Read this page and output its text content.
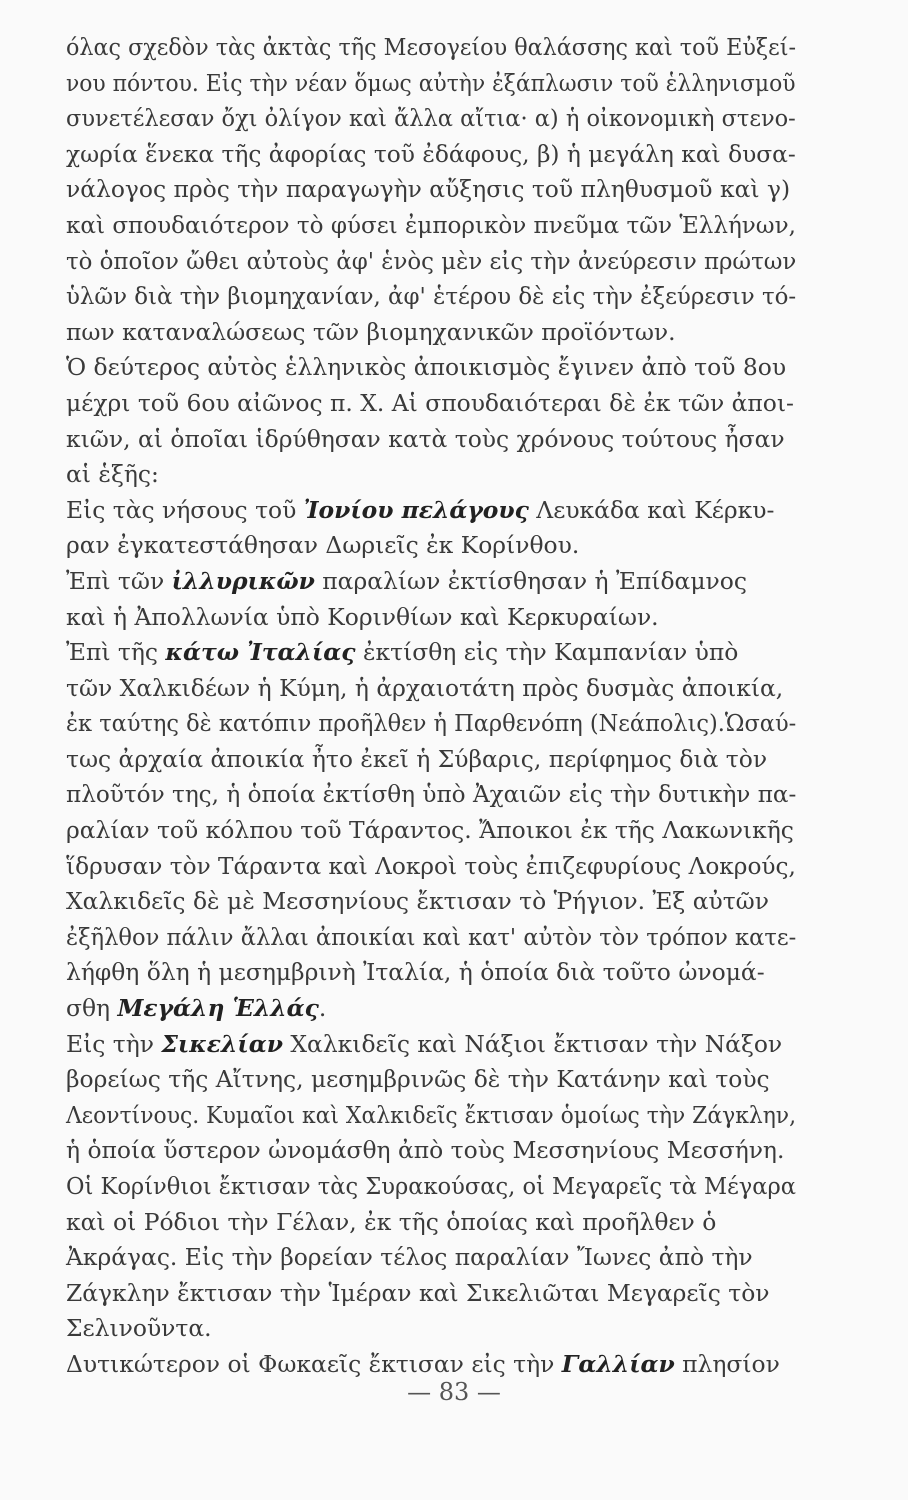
όλας σχεδὸν τὰς ἀκτὰς τῆς Μεσογείου θαλάσσης καὶ τοῦ Εὐξεί-
νου πόντου. Εἰς τὴν νέαν ὅμως αὐτὴν ἐξάπλωσιν τοῦ ἑλληνισμοῦ
συνετέλεσαν ὄχι ὀλίγον καὶ ἄλλα αἴτια· α) ἡ οἰκονομικὴ στενο-
χωρία ἕνεκα τῆς ἀφορίας τοῦ ἐδάφους, β) ἡ μεγάλη καὶ δυσα-
νάλογος πρὸς τὴν παραγωγὴν αὔξησις τοῦ πληθυσμοῦ καὶ γ)
καὶ σπουδαιότερον τὸ φύσει ἐμπορικὸν πνεῦμα τῶν Ἑλλήνων,
τὸ ὁποῖον ὤθει αὐτοὺς ἀφ' ἑνὸς μὲν εἰς τὴν ἀνεύρεσιν πρώτων
ὑλῶν διὰ τὴν βιομηχανίαν, ἀφ' ἑτέρου δὲ εἰς τὴν ἐξεύρεσιν τό-
πων καταναλώσεως τῶν βιομηχανικῶν προϊόντων.
Ὁ δεύτερος αὐτὸς ἑλληνικὸς ἀποικισμὸς ἔγινεν ἀπὸ τοῦ 8ου
μέχρι τοῦ 6ου αἰῶνος π. Χ. Αἱ σπουδαιότεραι δὲ ἐκ τῶν ἀποι-
κιῶν, αἱ ὁποῖαι ἱδρύθησαν κατὰ τοὺς χρόνους τούτους ἦσαν
αἱ ἑξῆς:
Εἰς τὰς νήσους τοῦ Ἰονίου πελάγους Λευκάδα καὶ Κέρκυ-
ραν ἐγκατεστάθησαν Δωριεῖς ἐκ Κορίνθου.
Ἐπὶ τῶν ἰλλυρικῶν παραλίων ἐκτίσθησαν ἡ Ἐπίδαμνος
καὶ ἡ Ἀπολλωνία ὑπὸ Κορινθίων καὶ Κερκυραίων.
Ἐπὶ τῆς κάτω Ἰταλίας ἐκτίσθη εἰς τὴν Καμπανίαν ὑπὸ
τῶν Χαλκιδέων ἡ Κύμη, ἡ ἀρχαιοτάτη πρὸς δυσμὰς ἀποικία,
ἐκ ταύτης δὲ κατόπιν προῆλθεν ἡ Παρθενόπη (Νεάπολις).Ὡσαύ-
τως ἀρχαία ἀποικία ἦτο ἐκεῖ ἡ Σύβαρις, περίφημος διὰ τὸν
πλοῦτόν της, ἡ ὁποία ἐκτίσθη ὑπὸ Ἀχαιῶν εἰς τὴν δυτικὴν πα-
ραλίαν τοῦ κόλπου τοῦ Τάραντος. Ἄποικοι ἐκ τῆς Λακωνικῆς
ἵδρυσαν τὸν Τάραντα καὶ Λοκροὶ τοὺς ἐπιζεφυρίους Λοκρούς,
Χαλκιδεῖς δὲ μὲ Μεσσηνίους ἔκτισαν τὸ Ῥήγιον. Ἐξ αὐτῶν
ἐξῆλθον πάλιν ἄλλαι ἀποικίαι καὶ κατ' αὐτὸν τὸν τρόπον κατε-
λήφθη ὅλη ἡ μεσημβρινὴ Ἰταλία, ἡ ὁποία διὰ τοῦτο ὠνομά-
σθη Μεγάλη Ἑλλάς.
Εἰς τὴν Σικελίαν Χαλκιδεῖς καὶ Νάξιοι ἔκτισαν τὴν Νάξον
βορείως τῆς Αἴτνης, μεσημβρινῶς δὲ τὴν Κατάνην καὶ τοὺς
Λεοντίνους. Κυμαῖοι καὶ Χαλκιδεῖς ἔκτισαν ὁμοίως τὴν Ζάγκλην,
ἡ ὁποία ὕστερον ὠνομάσθη ἀπὸ τοὺς Μεσσηνίους Μεσσήνη.
Οἱ Κορίνθιοι ἔκτισαν τὰς Συρακούσας, οἱ Μεγαρεῖς τὰ Μέγαρα
καὶ οἱ Ρόδιοι τὴν Γέλαν, ἐκ τῆς ὁποίας καὶ προῆλθεν ὁ
Ἀκράγας. Εἰς τὴν βορείαν τέλος παραλίαν Ἴωνες ἀπὸ τὴν
Ζάγκλην ἔκτισαν τὴν Ἱμέραν καὶ Σικελιῶται Μεγαρεῖς τὸν
Σελινοῦντα.
Δυτικώτερον οἱ Φωκαεῖς ἔκτισαν εἰς τὴν Γαλλίαν πλησίον
— 83 —
